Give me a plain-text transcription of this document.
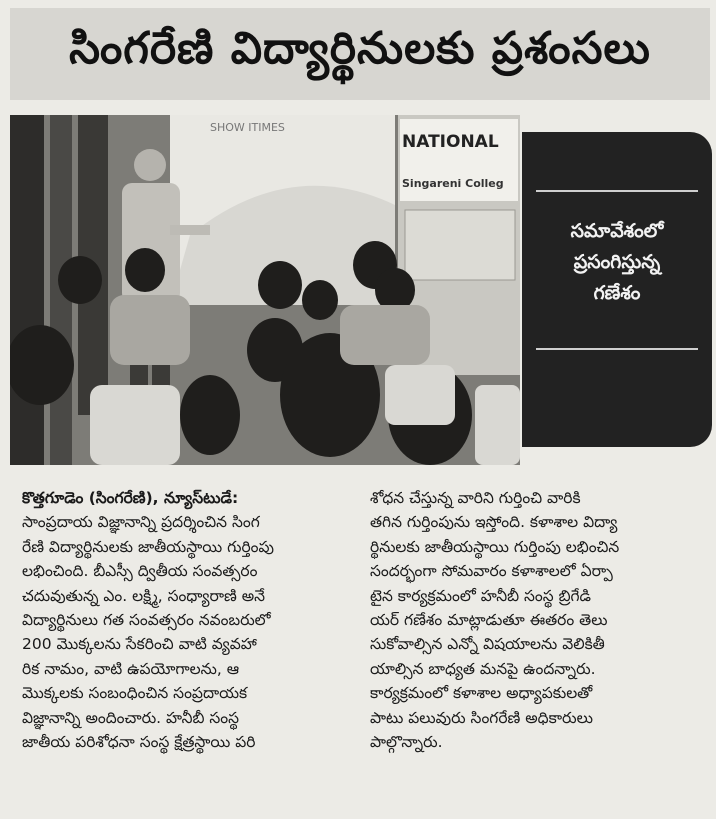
సింగరేణి విద్యార్థినులకు ప్రశంసలు
SHOW ITIMES
NATIONAL
Singareni Colleg
సమావేశంలో
ప్రసంగిస్తున్న
గణేశం
కొత్తగూడెం (సింగరేణి), న్యూస్‌టుడే:
సాంప్రదాయ విజ్ఞానాన్ని ప్రదర్శించిన సింగ
రేణి విద్యార్థినులకు జాతీయస్థాయి గుర్తింపు
లభించింది. బీఎస్సీ ద్వితీయ సంవత్సరం
చదువుతున్న ఎం. లక్ష్మి, సంధ్యారాణి అనే
విద్యార్థినులు గత సంవత్సరం నవంబరులో
200 మొక్కలను సేకరించి వాటి వ్యవహా
రిక నామం, వాటి ఉపయోగాలను, ఆ
మొక్కలకు సంబంధించిన సంప్రదాయక
విజ్ఞానాన్ని అందించారు. హనీబీ సంస్థ
జాతీయ పరిశోధనా సంస్థ క్షేత్రస్థాయి పరి
శోధన చేస్తున్న వారిని గుర్తించి వారికి
తగిన గుర్తింపును ఇస్తోంది. కళాశాల విద్యా
ర్థినులకు జాతీయస్థాయి గుర్తింపు లభించిన
సందర్భంగా సోమవారం కళాశాలలో ఏర్పా
టైన కార్యక్రమంలో హనీబీ సంస్థ బ్రిగేడి
యర్ గణేశం మాట్లాడుతూ ఈతరం తెలు
సుకోవాల్సిన ఎన్నో విషయాలను వెలికితీ
యాల్సిన బాధ్యత మనపై ఉందన్నారు.
కార్యక్రమంలో కళాశాల అధ్యాపకులతో
పాటు పలువురు సింగరేణి అధికారులు
పాల్గొన్నారు.
